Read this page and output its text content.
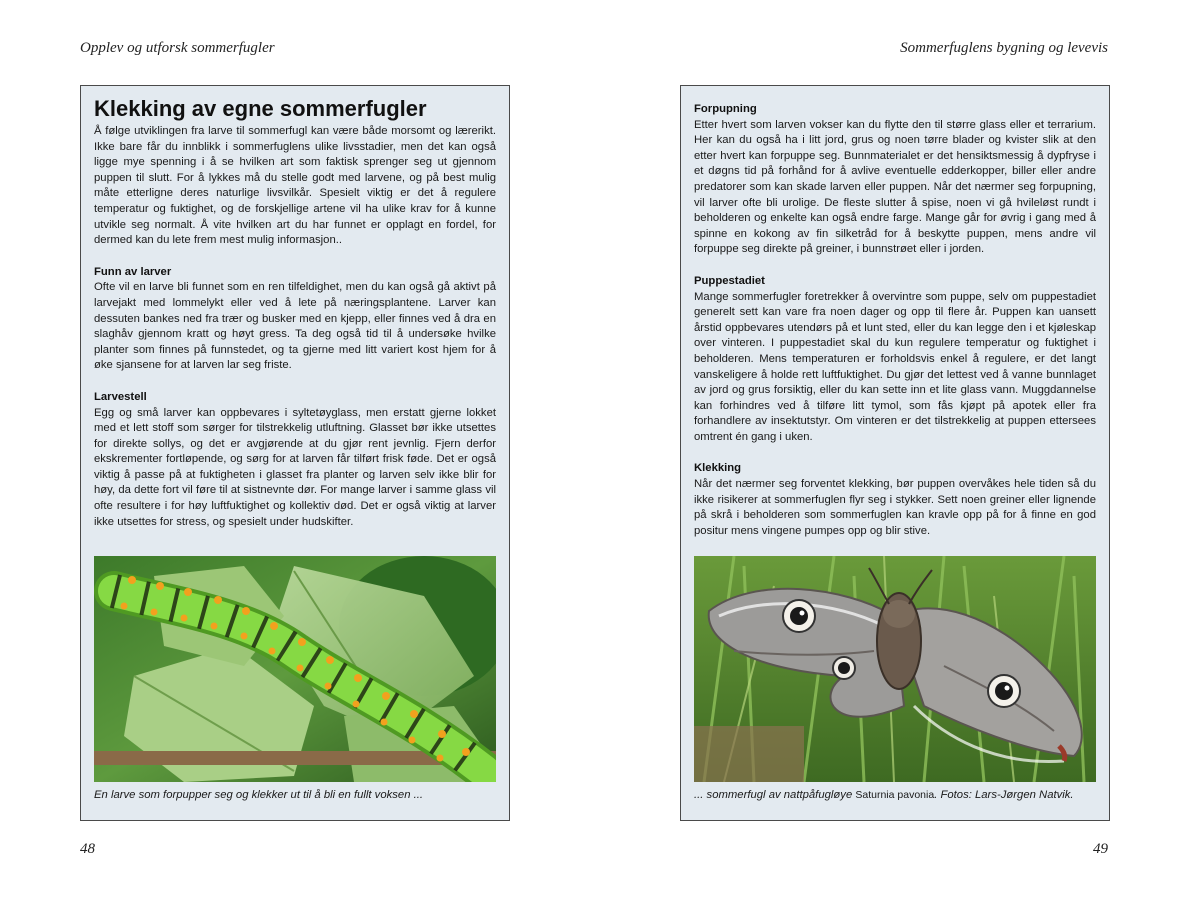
Opplev og utforsk sommerfugler
Klekking av egne sommerfugler

Å følge utviklingen fra larve til sommerfugl kan være både morsomt og lærerikt. Ikke bare får du innblikk i sommerfuglens ulike livsstadier, men det kan også ligge mye spenning i å se hvilken art som faktisk sprenger seg ut gjennom puppen til slutt. For å lykkes må du stelle godt med larvene, og på best mulig måte etterligne deres naturlige livsvilkår. Spesielt viktig er det å regulere temperatur og fuktighet, og de forskjellige artene vil ha ulike krav for å kunne utvikle seg normalt. Å vite hvilken art du har funnet er opplagt en fordel, for dermed kan du lete frem mest mulig informasjon..

Funn av larver

Ofte vil en larve bli funnet som en ren tilfeldighet, men du kan også gå aktivt på larvejakt med lommelykt eller ved å lete på næringsplantene. Larver kan dessuten bankes ned fra trær og busker med en kjepp, eller finnes ved å dra en slaghåv gjennom kratt og høyt gress. Ta deg også tid til å undersøke hvilke planter som finnes på funnstedet, og ta gjerne med litt variert kost hjem for å øke sjansene for at larven lar seg friste.

Larvestell

Egg og små larver kan oppbevares i syltetøyglass, men erstatt gjerne lokket med et lett stoff som sørger for tilstrekkelig utluftning. Glasset bør ikke utsettes for direkte sollys, og det er avgjørende at du gjør rent jevnlig. Fjern derfor ekskrementer fortløpende, og sørg for at larven får tilført frisk føde. Det er også viktig å passe på at fuktigheten i glasset fra planter og larven selv ikke blir for høy, da dette fort vil føre til at sistnevnte dør. For mange larver i samme glass vil ofte resultere i for høy luftfuktighet og kollektiv død. Det er også viktig at larver ikke utsettes for stress, og spesielt under hudskifter.

En larve som forpupper seg og klekker ut til å bli en fullt voksen ...
48
Sommerfuglens bygning og levevis

Forpupning

Etter hvert som larven vokser kan du flytte den til større glass eller et terrarium. Her kan du også ha i litt jord, grus og noen tørre blader og kvister slik at den etter hvert kan forpuppe seg. Bunnmaterialet er det hensiktsmessig å dypfryse i et døgns tid på forhånd for å avlive eventuelle edderkopper, biller eller andre predatorer som kan skade larven eller puppen. Når det nærmer seg forpupning, vil larver ofte bli urolige. De fleste slutter å spise, noen vi gå hvileløst rundt i beholderen og enkelte kan også endre farge. Mange går for øvrig i gang med å spinne en kokong av fin silketråd for å beskytte puppen, mens andre vil forpuppe seg direkte på greiner, i bunnstrøet eller i jorden.

Puppestadiet

Mange sommerfugler foretrekker å overvintre som puppe, selv om puppestadiet generelt sett kan vare fra noen dager og opp til flere år. Puppen kan uansett årstid oppbevares utendørs på et lunt sted, eller du kan legge den i et kjøleskap over vinteren. I puppestadiet skal du kun regulere temperatur og fuktighet i beholderen. Mens temperaturen er forholdsvis enkel å regulere, er det langt vanskeligere å holde rett luftfuktighet. Du gjør det lettest ved å vanne bunnlaget av jord og grus forsiktig, eller du kan sette inn et lite glass vann. Muggdannelse kan forhindres ved å tilføre litt tymol, som fås kjøpt på apotek eller fra forhandlere av insektutstyr. Om vinteren er det tilstrekkelig at puppen ettersees omtrent én gang i uken.

Klekking

Når det nærmer seg forventet klekking, bør puppen overvåkes hele tiden så du ikke risikerer at sommerfuglen flyr seg i stykker. Sett noen greiner eller lignende på skrå i beholderen som sommerfuglen kan kravle opp på for å finne en god positur mens vingene pumpes opp og blir stive.

... sommerfugl av nattpåfugløye Saturnia pavonia. Fotos: Lars-Jørgen Natvik.
49
